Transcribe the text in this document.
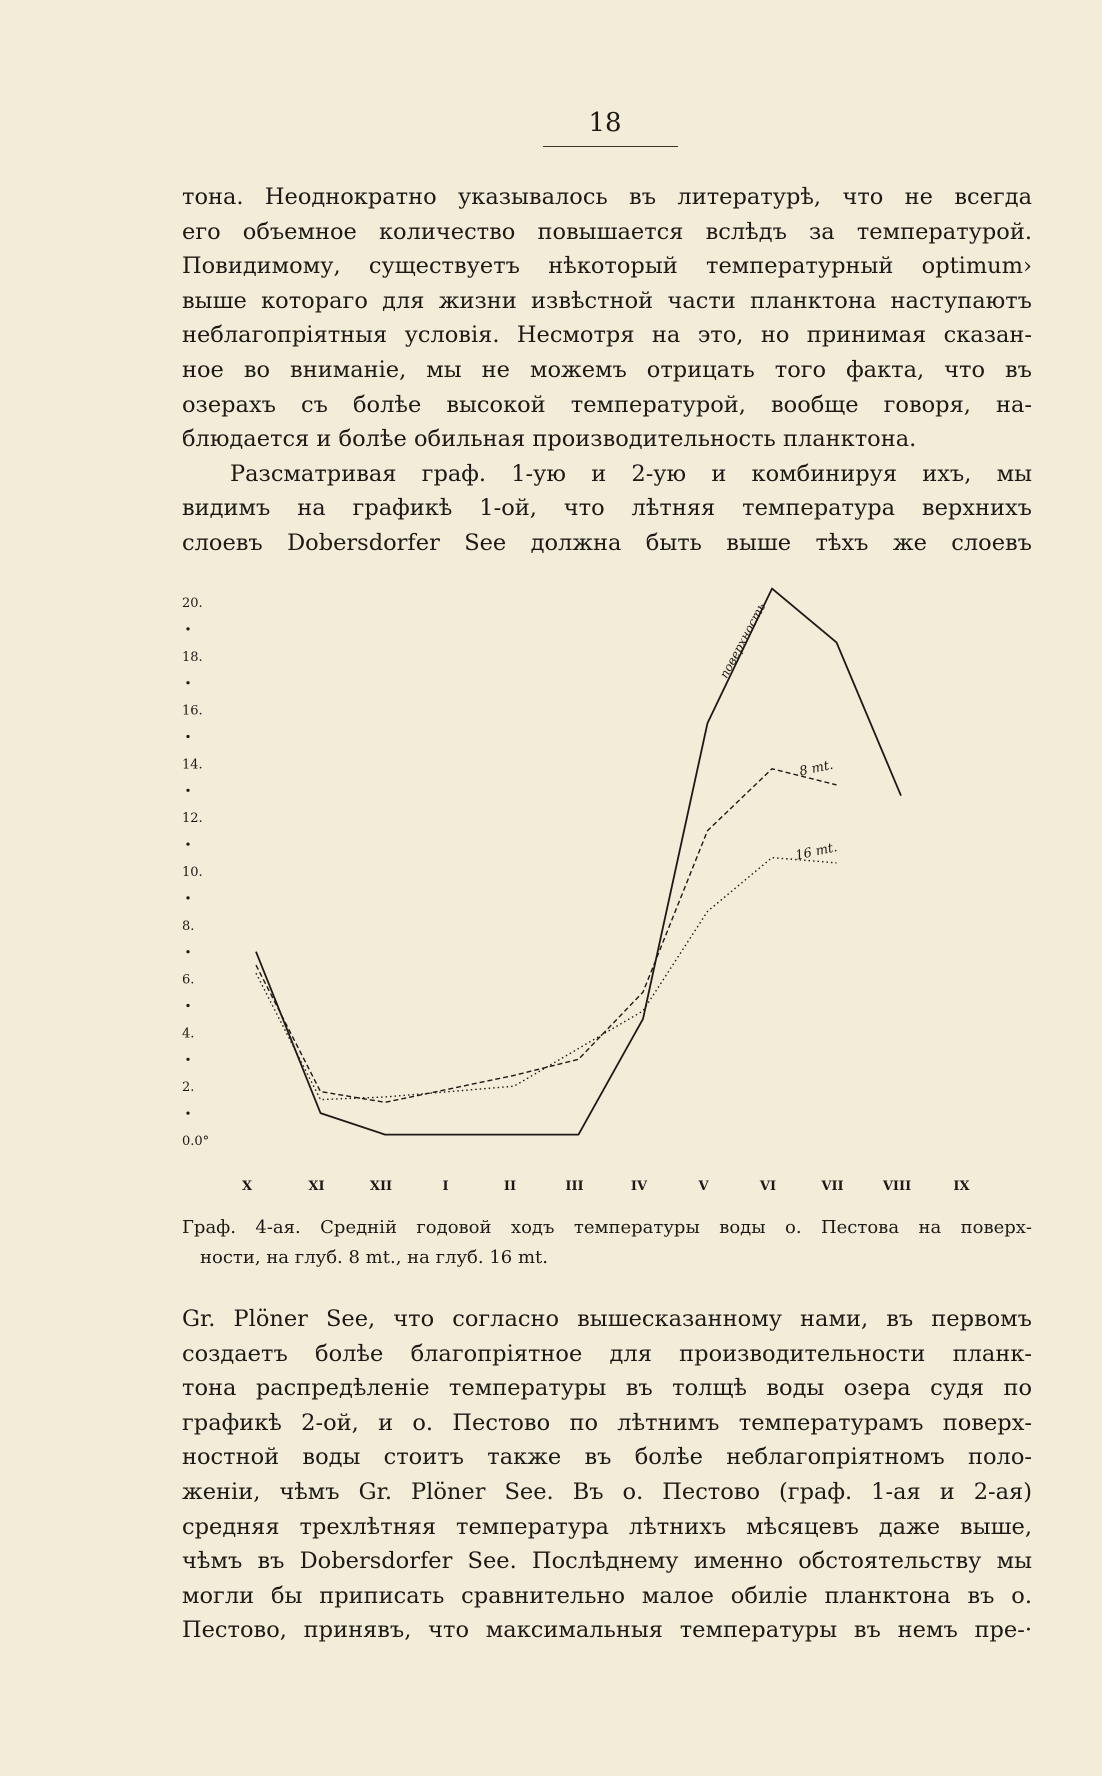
18
тона. Неоднократно указывалось въ литературѣ, что не всегда
его объемное количество повышается вслѣдъ за температурой.
Повидимому, существуетъ нѣкоторый температурный optimum›
выше котораго для жизни извѣстной части планктона наступаютъ
неблагопріятныя условія. Несмотря на это, но принимая сказан-
ное во вниманіе, мы не можемъ отрицать того факта, что въ
озерахъ съ болѣе высокой температурой, вообще говоря, на-
блюдается и болѣе обильная производительность планктона.
Разсматривая граф. 1-ую и 2-ую и комбинируя ихъ, мы
видимъ на графикѣ 1-ой, что лѣтняя температура верхнихъ
слоевъ Dobersdorfer See должна быть выше тѣхъ же слоевъ
0.0°
2.
4.
6.
8.
10.
12.
14.
16.
18.
20.
X	XI	XII	I	II	III	IV	V	VI	VII	VIII	IX
поверхность
8 mt.
16 mt.
Граф. 4-ая. Среднiй годовой ходъ температуры воды о. Пестова на поверх-
ности, на глуб. 8 mt., на глуб. 16 mt.
Gr. Plöner See, что согласно вышесказанному нами, въ первомъ
создаетъ болѣе благопріятное для производительности планк-
тона распредѣленіе температуры въ толщѣ воды озера судя по
графикѣ 2-ой, и о. Пестово по лѣтнимъ температурамъ поверх-
ностной воды стоитъ также въ болѣе неблагопріятномъ поло-
женіи, чѣмъ Gr. Plöner See. Въ о. Пестово (граф. 1-ая и 2-ая)
средняя трехлѣтняя температура лѣтнихъ мѣсяцевъ даже выше,
чѣмъ въ Dobersdorfer See. Послѣднему именно обстоятельству мы
могли бы приписать сравнительно малое обиліе планктона въ о.
Пестово, принявъ, что максимальныя температуры въ немъ пре-·
